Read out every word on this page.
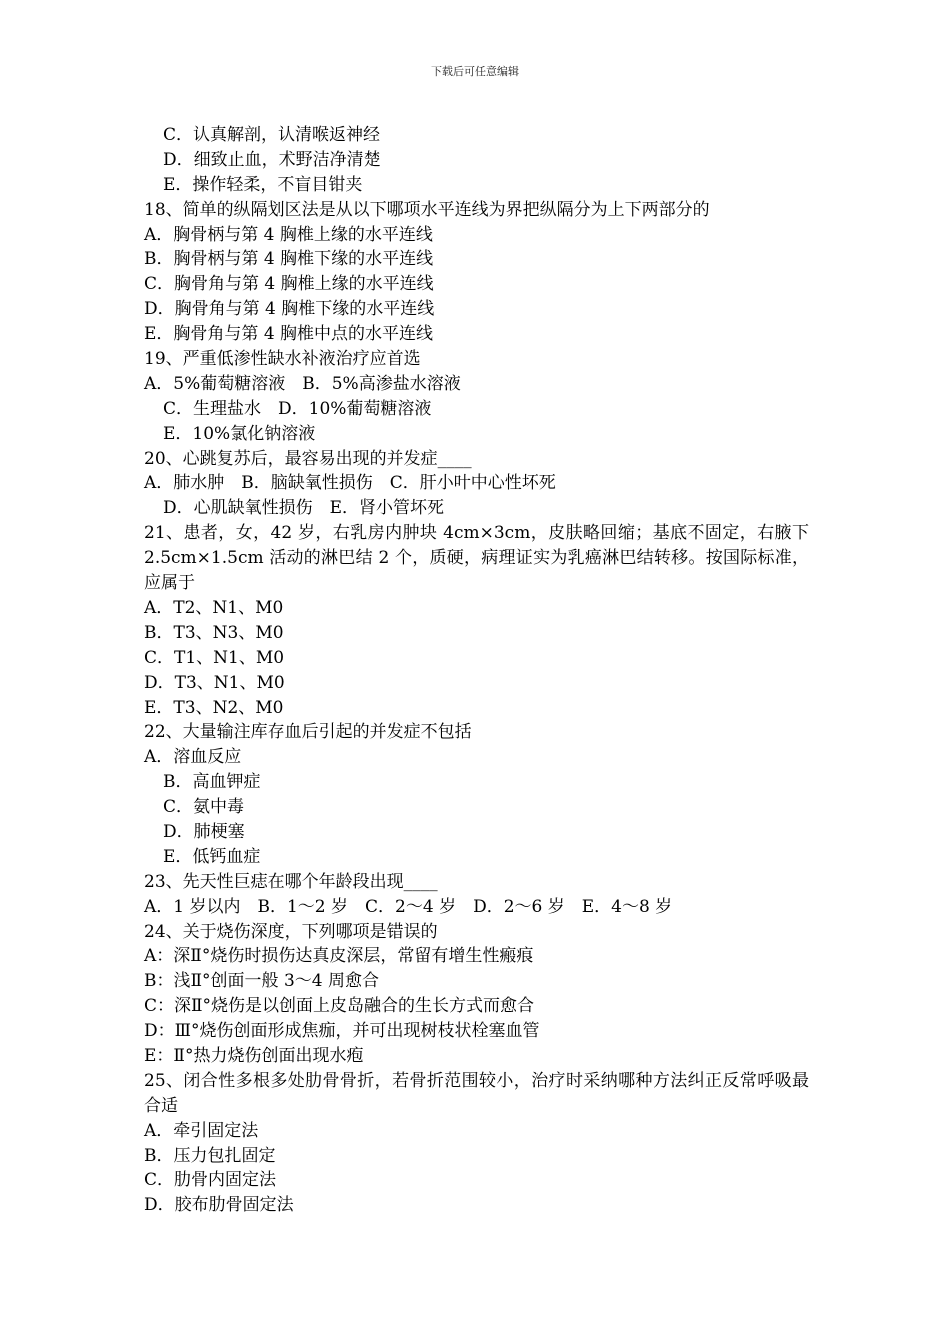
下载后可任意编辑
C．认真解剖，认清喉返神经
D．细致止血，术野洁净清楚
E．操作轻柔，不盲目钳夹
18、简单的纵隔划区法是从以下哪项水平连线为界把纵隔分为上下两部分的
A．胸骨柄与第 4 胸椎上缘的水平连线
B．胸骨柄与第 4 胸椎下缘的水平连线
C．胸骨角与第 4 胸椎上缘的水平连线
D．胸骨角与第 4 胸椎下缘的水平连线
E．胸骨角与第 4 胸椎中点的水平连线
19、严重低渗性缺水补液治疗应首选
A．5%葡萄糖溶液　B．5%高渗盐水溶液
C．生理盐水　D．10%葡萄糖溶液
E．10%氯化钠溶液
20、心跳复苏后，最容易出现的并发症____
A．肺水肿　B．脑缺氧性损伤　C．肝小叶中心性坏死
D．心肌缺氧性损伤　E．肾小管坏死
21、患者，女，42 岁，右乳房内肿块 4cm×3cm，皮肤略回缩；基底不固定，右腋下 2.5cm×1.5cm 活动的淋巴结 2 个，质硬，病理证实为乳癌淋巴结转移。按国际标准，应属于
A．T2、N1、M0
B．T3、N3、M0
C．T1、N1、M0
D．T3、N1、M0
E．T3、N2、M0
22、大量输注库存血后引起的并发症不包括
A．溶血反应
B．高血钾症
C．氨中毒
D．肺梗塞
E．低钙血症
23、先天性巨痣在哪个年龄段出现____
A．1 岁以内　B．1～2 岁　C．2～4 岁　D．2～6 岁　E．4～8 岁
24、关于烧伤深度，下列哪项是错误的
A：深Ⅱ°烧伤时损伤达真皮深层，常留有增生性瘢痕
B：浅Ⅱ°创面一般 3～4 周愈合
C：深Ⅱ°烧伤是以创面上皮岛融合的生长方式而愈合
D：Ⅲ°烧伤创面形成焦痂，并可出现树枝状栓塞血管
E：Ⅱ°热力烧伤创面出现水疱
25、闭合性多根多处肋骨骨折，若骨折范围较小，治疗时采纳哪种方法纠正反常呼吸最合适
A．牵引固定法
B．压力包扎固定
C．肋骨内固定法
D．胶布肋骨固定法
